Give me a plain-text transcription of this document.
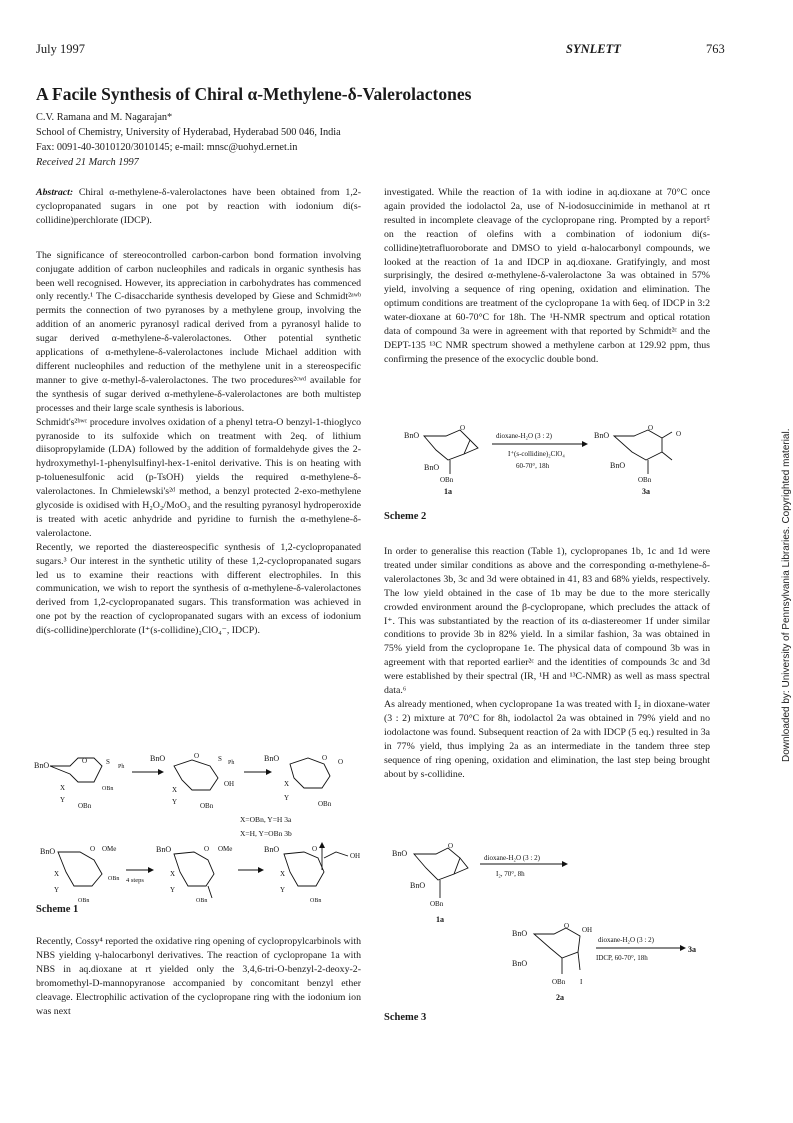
July 1997	SYNLETT	763
A Facile Synthesis of Chiral α-Methylene-δ-Valerolactones
C.V. Ramana and M. Nagarajan*
School of Chemistry, University of Hyderabad, Hyderabad 500 046, India
Fax: 0091-40-3010120/3010145; e-mail: mnsc@uohyd.ernet.in
Received 21 March 1997

Abstract: Chiral α-methylene-δ-valerolactones have been obtained from 1,2-cyclopropanated sugars in one pot by reaction with iodonium di(s-collidine)perchlorate (IDCP).

The significance of stereocontrolled carbon-carbon bond formation involving conjugate addition of carbon nucleophiles and radicals in organic synthesis has been well recognised. However, its appreciation in carbohydrates has commenced only recently.¹ The C-disaccharide synthesis developed by Giese and Schmidt²ᵃʷᵇ permits the connection of two pyranoses by a methylene group, involving the addition of an anomeric pyranosyl radical derived from a pyranosyl halide to sugar derived α-methylene-δ-valerolactones. Other potential synthetic applications of α-methylene-δ-valerolactones include Michael addition with different nucleophiles and reduction of the methylene unit in a stereospecific manner to give α-methyl-δ-valerolactones. The two procedures²ᶜʷᵈ available for the synthesis of sugar derived α-methylene-δ-valerolactones are both multistep processes and their large scale synthesis is laborious.

Schmidt's²ᵇʷᶜ procedure involves oxidation of a phenyl tetra-O benzyl-1-thioglyco pyranoside to its sulfoxide which on treatment with 2eq. of lithium diisopropylamide (LDA) followed by the addition of formaldehyde gives the 2-hydroxymethyl-1-phenylsulfinyl-hex-1-enitol derivative. This is on heating with p-toluenesulfonic acid (p-TsOH) yields the required α-methylene-δ-valerolactones. In Chmielewski's²ᵈ method, a benzyl protected 2-exo-methylene glycoside is oxidised with H₂O₂/MoO₃ and the resulting pyranosyl hydroperoxide is treated with acetic anhydride and pyridine to furnish the α-methylene-δ-valerolactone.

Recently, we reported the diastereospecific synthesis of 1,2-cyclopropanated sugars.³ Our interest in the synthetic utility of these 1,2-cyclopropanated sugars led us to examine their reactions with different electrophiles. In this communication, we wish to report the synthesis of α-methylene-δ-valerolactones derived from 1,2-cyclopropanated sugars. This transformation was achieved in one pot by the reaction of cyclopropanated sugars with an excess of iodonium di(s-collidine)perchlorate (I⁺(s-collidine)₂ClO₄⁻, IDCP).

BnO	O	S
Ph
X
Y
OBn
OBn
BnO	O	S Ph
OH
X
Y	OBn
BnO	O O
X
Y
OBn
X=OBn, Y=H 3a
X=H, Y=OBn 3b
BnO	O OMe
OBn
X
Y
OBn
4 steps
BnO	O OMe
X
Y
OBn
BnO	O
OH
X
Y
OBn
Scheme 1

Recently, Cossy⁴ reported the oxidative ring opening of cyclopropylcarbinols with NBS yielding γ-halocarbonyl derivatives. The reaction of cyclopropane 1a with NBS in aq.dioxane at rt yielded only the 3,4,6-tri-O-benzyl-2-deoxy-2-bromomethyl-D-mannopyranose accompanied by concomitant benzyl ether cleavage. Electrophilic activation of the cyclopropane ring with the iodonium ion was next

investigated. While the reaction of 1a with iodine in aq.dioxane at 70°C once again provided the iodolactol 2a, use of N-iodosuccinimide in methanol at rt resulted in incomplete cleavage of the cyclopropane ring. Prompted by a report⁵ on the reaction of olefins with a combination of iodonium di(s-collidine)tetrafluoroborate and DMSO to yield α-halocarbonyl compounds, we looked at the reaction of 1a and IDCP in aq.dioxane. Gratifyingly, and most surprisingly, the desired α-methylene-δ-valerolactone 3a was obtained in 57% yield, involving a sequence of ring opening, oxidation and elimination. The optimum conditions are treatment of the cyclopropane 1a with 6eq. of IDCP in 3:2 water-dioxane at 60-70°C for 18h. The ¹H-NMR spectrum and optical rotation data of compound 3a were in agreement with that reported by Schmidt²ᶜ and the DEPT-135 ¹³C NMR spectrum showed a methylene carbon at 129.92 ppm, thus confirming the presence of the exocyclic double bond.

BnO
O
BnO
OBn
1a
dioxane-H₂O (3 : 2)
I⁺(s-collidine)₂ClO₄
60-70°, 18h
BnO
O
O
BnO
OBn
3a
Scheme 2

In order to generalise this reaction (Table 1), cyclopropanes 1b, 1c and 1d were treated under similar conditions as above and the corresponding α-methylene-δ-valerolactones 3b, 3c and 3d were obtained in 41, 83 and 68% yields, respectively. The low yield obtained in the case of 1b may be due to the more sterically crowded environment around the β-cyclopropane, which precludes the attack of I⁺. This was substantiated by the reaction of its α-diastereomer 1f under similar conditions to provide 3b in 82% yield. In a similar fashion, 3a was obtained in 75% yield from the cyclopropane 1e. The physical data of compound 3b was in agreement with that reported earlier²ᶜ and the identities of compounds 3c and 3d were established by their spectral (IR, ¹H and ¹³C-NMR) as well as mass spectral data.⁶

As already mentioned, when cyclopropane 1a was treated with I₂ in dioxane-water (3 : 2) mixture at 70°C for 8h, iodolactol 2a was obtained in 79% yield and no iodolactone was found. Subsequent reaction of 2a with IDCP (5 eq.) resulted in 3a in 77% yield, thus implying 2a as an intermediate in the tandem three step sequence of ring opening, oxidation and elimination, the last step being brought about by s-collidine.

BnO
O
BnO
OBn
1a
dioxane-H₂O (3 : 2)
I₂, 70°, 8h
BnO
O OH
BnO
OBn I
2a
dioxane-H₂O (3 : 2)
IDCP, 60-70°, 18h
3a
Scheme 3
Downloaded by: University of Pennsylvania Libraries. Copyrighted material.
